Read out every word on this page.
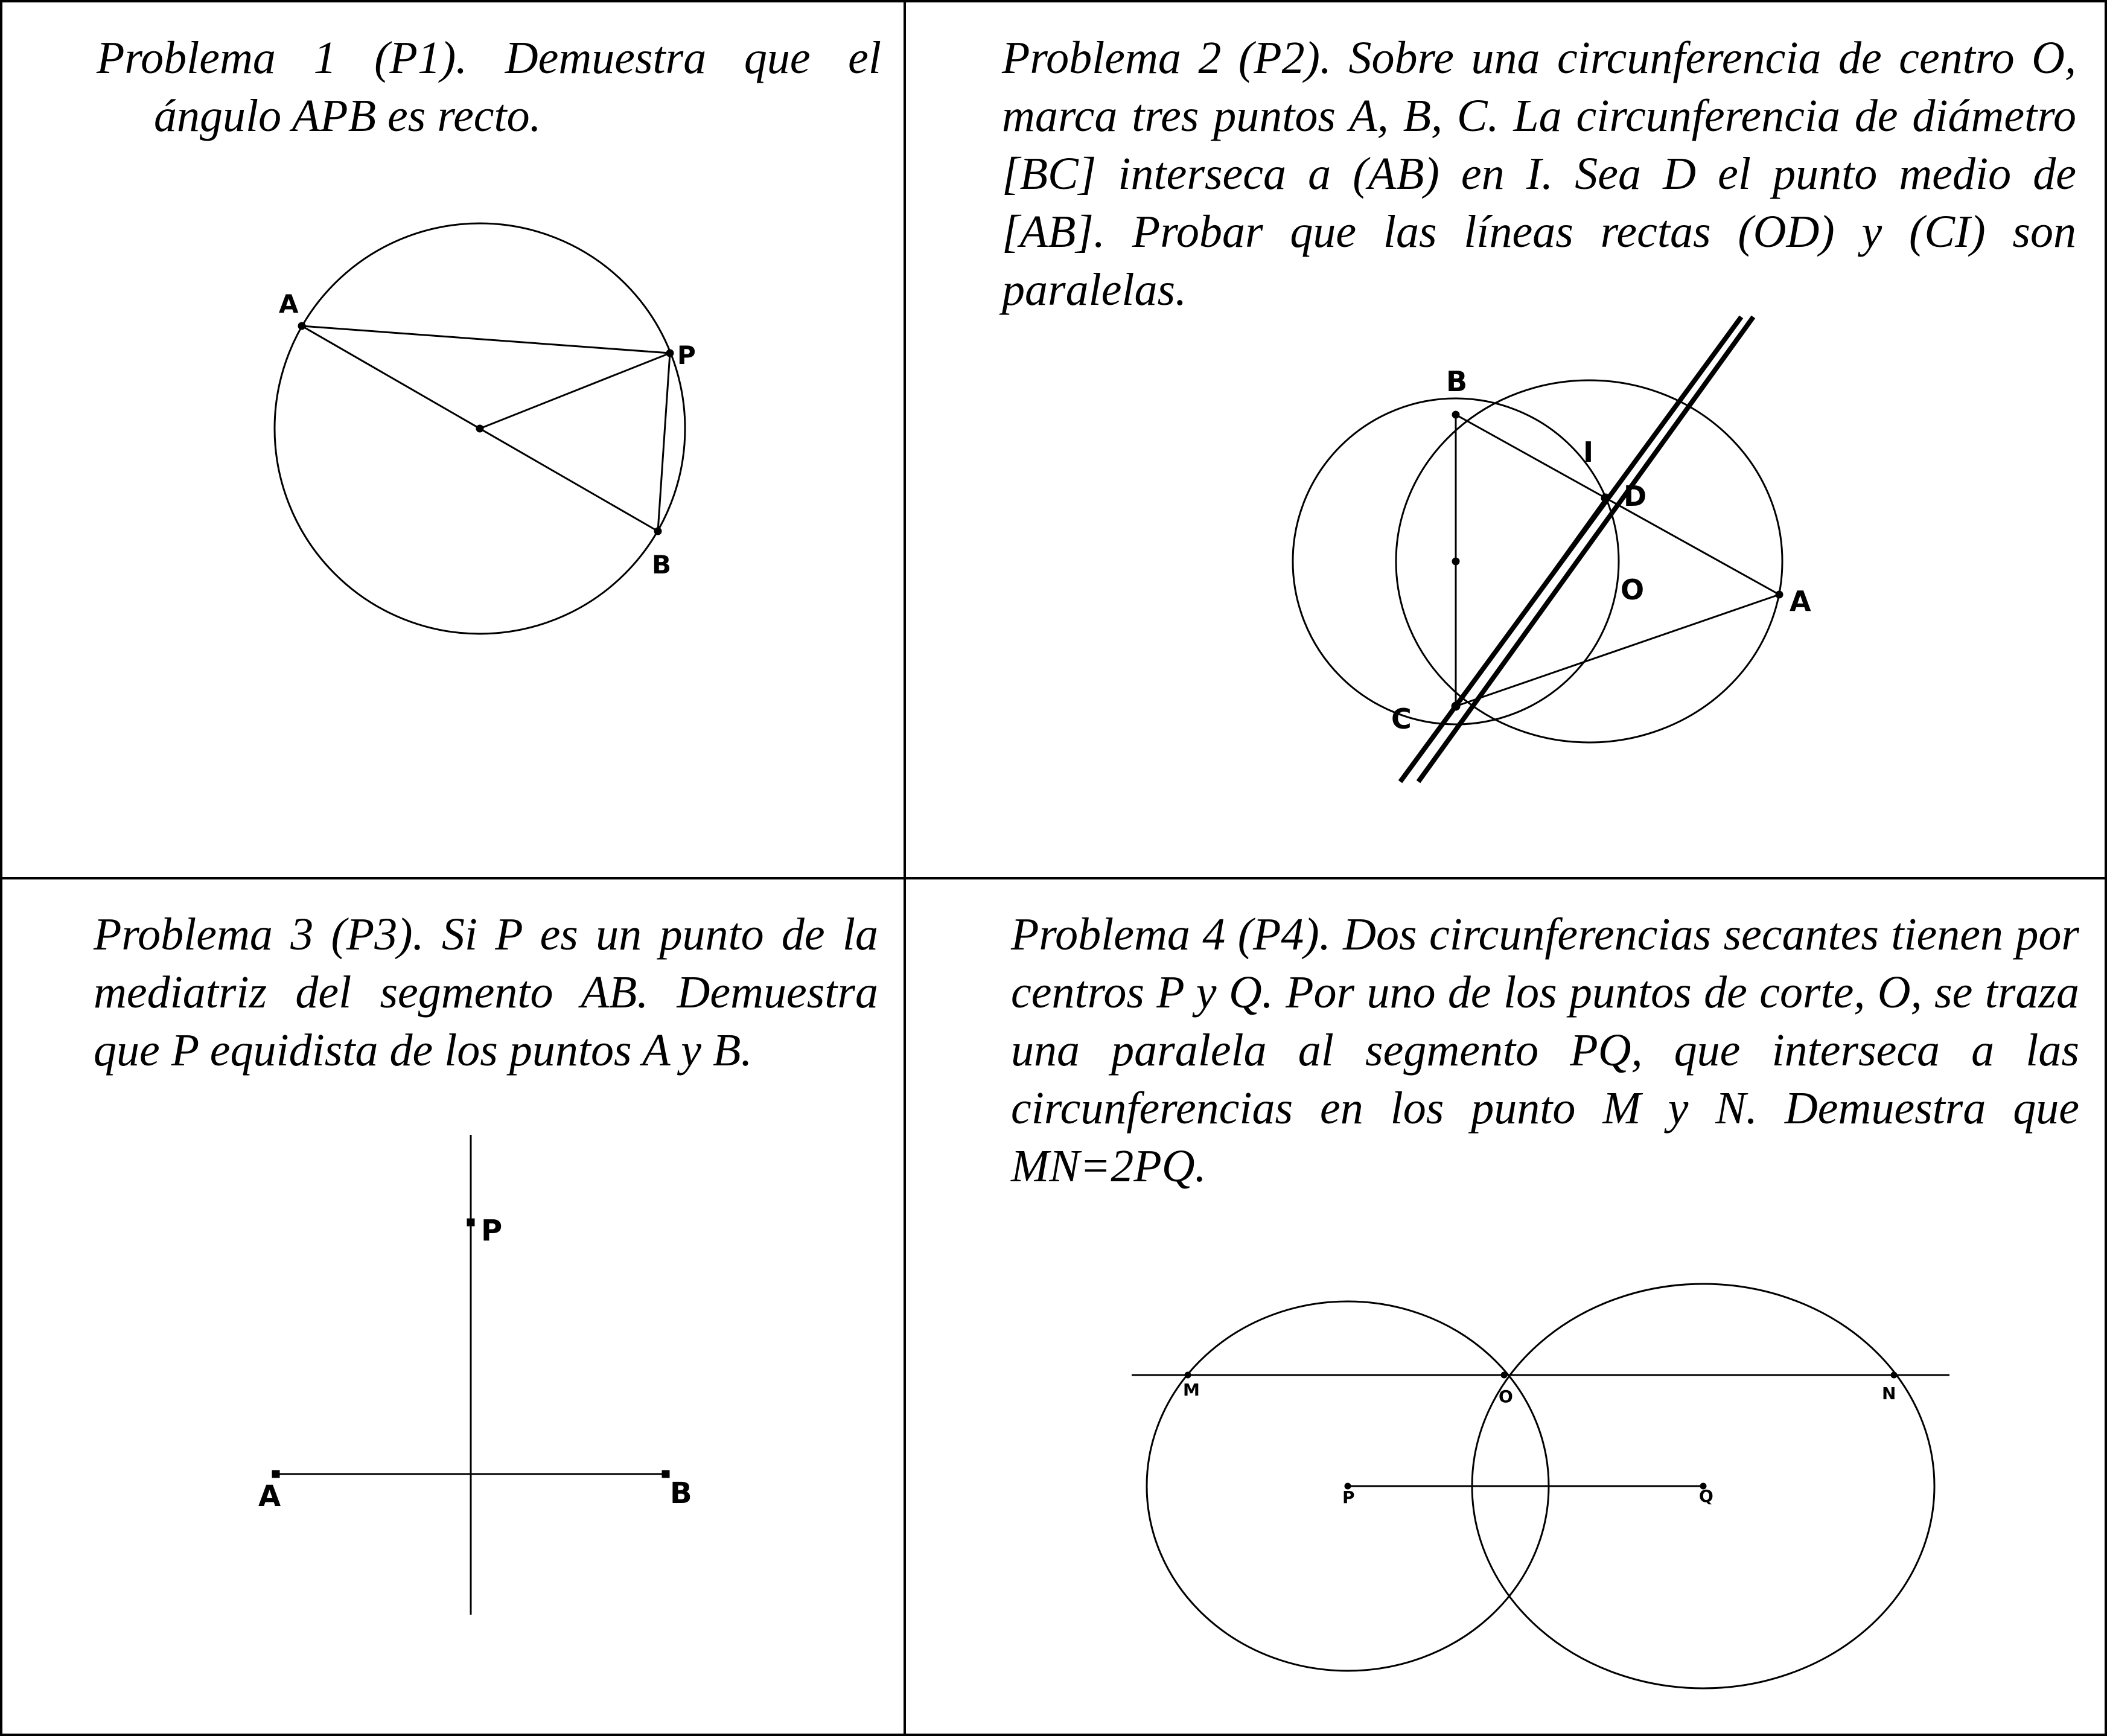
Problema 1 (P1). Demuestra que el
ángulo APB es recto.

Problema 2 (P2). Sobre una circunferencia de centro O, marca tres puntos A, B, C. La circunferencia de diámetro [BC] interseca a (AB) en I. Sea D el punto medio de [AB]. Probar que las líneas rectas (OD) y (CI) son paralelas.

Problema 3 (P3). Si P es un punto de la mediatriz del segmento AB. Demuestra que P equidista de los puntos A y B.

Problema 4 (P4). Dos circunferencias secantes tienen por centros P y Q. Por uno de los puntos de corte, O, se traza una paralela al segmento PQ, que interseca a las circunferencias en los punto M y N. Demuestra que MN=2PQ.

A
P
B
B
I
D
O	A
C
P
A	B
M	O	N
P	Q
